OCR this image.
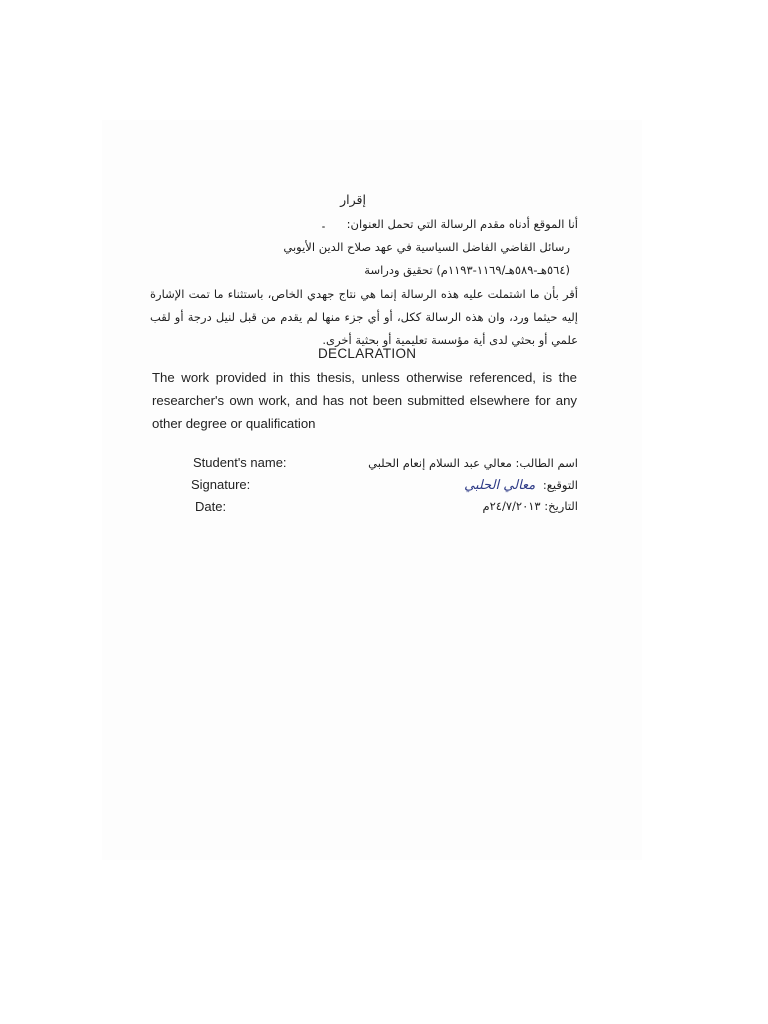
إقرار
أنا الموقع أدناه مقدم الرسالة التي تحمل العنوان:
رسائل القاضي الفاضل السياسية في عهد صلاح الدين الأيوبي
(٥٦٤هـ-٥٨٩هـ/١١٦٩-١١٩٣م) تحقيق ودراسة
أقر بأن ما اشتملت عليه هذه الرسالة إنما هي نتاج جهدي الخاص، باستثناء ما تمت الإشارة إليه حيثما ورد، وان هذه الرسالة ككل، أو أي جزء منها لم يقدم من قبل لنيل درجة أو لقب علمي أو بحثي لدى أية مؤسسة تعليمية أو بحثية أخرى.
DECLARATION
The work provided in this thesis, unless otherwise referenced, is the researcher's own work, and has not been submitted elsewhere for any other degree or qualification
Student's name:
Signature:
Date:
اسم الطالب: معالي عبد السلام إنعام الحلبي
التوقيع: معالي الحلبي
التاريخ: ٢٤/٧/٢٠١٣م
